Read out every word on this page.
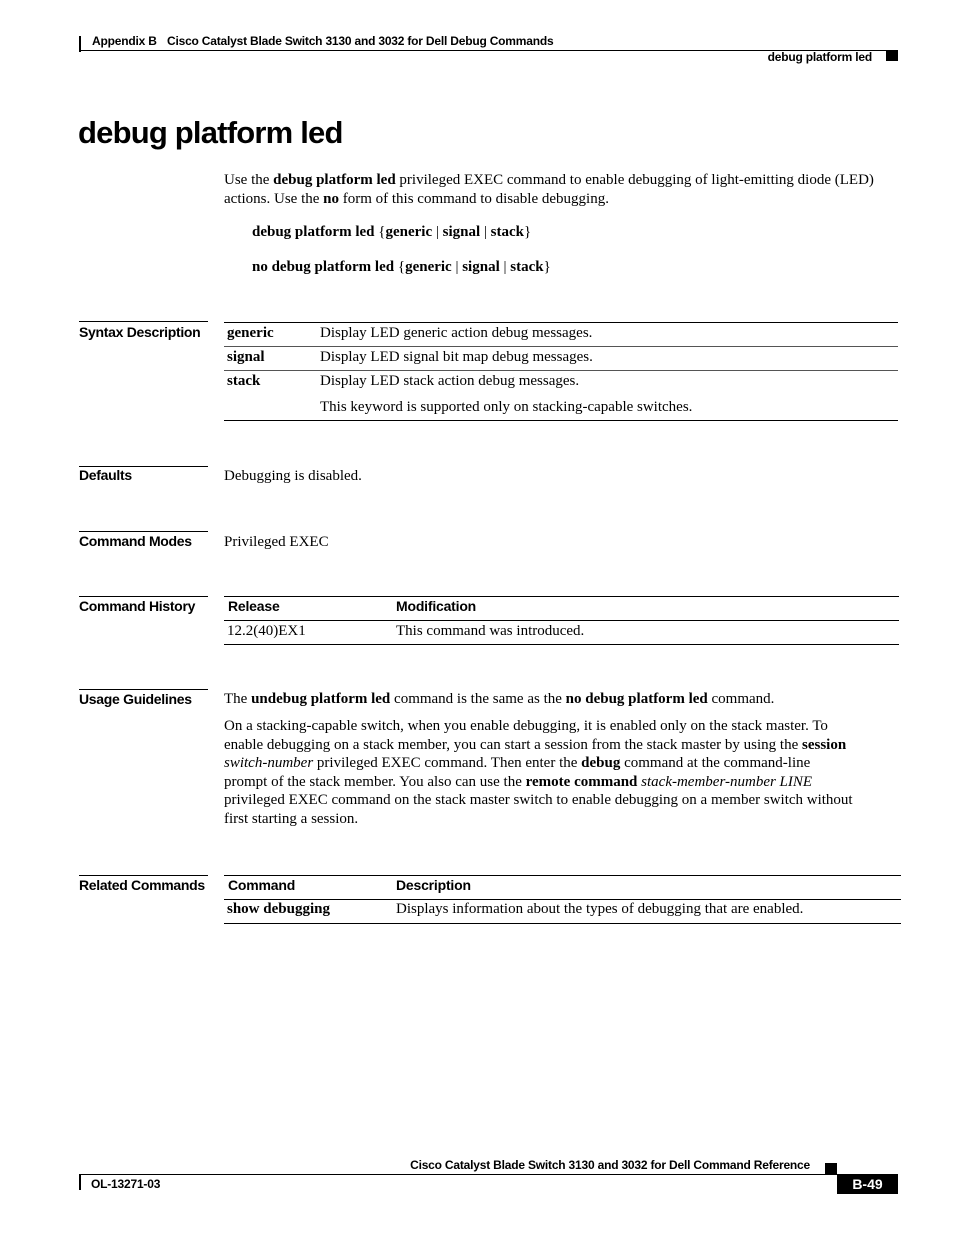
Appendix B Cisco Catalyst Blade Switch 3130 and 3032 for Dell Debug Commands
debug platform led
debug platform led
Use the debug platform led privileged EXEC command to enable debugging of light-emitting diode (LED) actions. Use the no form of this command to disable debugging.
debug platform led {generic | signal | stack}
no debug platform led {generic | signal | stack}
Syntax Description generic	Display LED generic action debug messages.
signal	Display LED signal bit map debug messages.
stack	Display LED stack action debug messages.
This keyword is supported only on stacking-capable switches.
Defaults	Debugging is disabled.
Command Modes Privileged EXEC
Command History Release	Modification
12.2(40)EX1	This command was introduced.
Usage Guidelines The undebug platform led command is the same as the no debug platform led command.
On a stacking-capable switch, when you enable debugging, it is enabled only on the stack master. To
enable debugging on a stack member, you can start a session from the stack master by using the session
switch-number privileged EXEC command. Then enter the debug command at the command-line
prompt of the stack member. You also can use the remote command stack-member-number LINE
privileged EXEC command on the stack master switch to enable debugging on a member switch without
first starting a session.
Related Commands Command	Description
show debugging	Displays information about the types of debugging that are enabled.
Cisco Catalyst Blade Switch 3130 and 3032 for Dell Command Reference
OL-13271-03	B-49
